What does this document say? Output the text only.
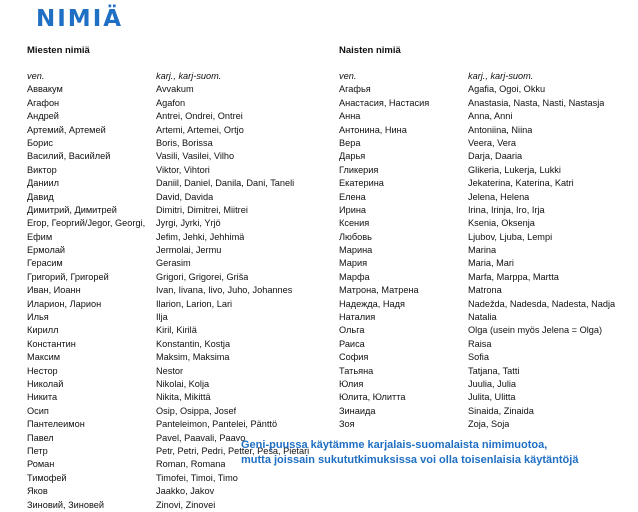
NIMIÄ
Miesten nimiä
ven.	karj., karj-suom.
Аввакум	Avvakum
Агафон	Agafon
Андрей	Antrei, Ondrei, Ontrei
Артемий, Артемей	Artemi, Artemei, Ortjo
Борис	Boris, Borissa
Василий, Васийлей	Vasili, Vasilei, Vilho
Виктор	Viktor, Vihtori
Даниил	Daniil, Daniel, Danila, Dani, Taneli
Давид	David, Davida
Димитрий, Димитрей	Dimitri, Dimitrei, Miitrei
Егор, Георгий/Jegor, Georgi,	Jyrgi, Jyrki, Yrjö
Ефим	Jefim, Jehki, Jehhimä
Ермолай	Jermolai, Jermu
Герасим	Gerasim
Григорий, Григорей	Grigori, Grigorei, Griša
Иван, Иоанн	Ivan, Iivana, Iivo, Juho, Johannes
Иларион, Ларион	Ilarion, Larion, Lari
Илья	Ilja
Кирилл	Kiril, Kirilä
Константин	Konstantin, Kostja
Максим	Maksim, Maksima
Нестор	Nestor
Николай	Nikolai, Kolja
Никита	Nikita, Mikittä
Осип	Osip, Osippa, Josef
Пантелеимон	Panteleimon, Pantelei, Pänttö
Павел	Pavel, Paavali, Paavo
Петр	Petr, Petri, Pedri, Petter, Peša, Pietari
Роман	Roman, Romana
Тимофей	Timofei, Timoi, Timo
Яков	Jaakko, Jakov
Зиновий, Зиновей	Zinovi, Zinovei
Naisten nimiä
ven.	karj., karj-suom.
Агафья	Agafia, Ogoi, Okku
Анастасия, Настасия	Anastasia, Nasta, Nasti, Nastasja
Анна	Anna, Anni
Антонина, Нина	Antoniina, Niina
Вера	Veera, Vera
Дарья	Darja, Daaria
Гликерия	Glikeria, Lukerja, Lukki
Екатерина	Jekaterina, Katerina, Katri
Елена	Jelena, Helena
Ирина	Irina, Irinja, Iro, Irja
Ксения	Ksenia, Oksenja
Любовь	Ljubov, Ljuba, Lempi
Марина	Marina
Мария	Maria, Mari
Марфа	Marfa, Marppa, Martta
Матрона, Матрена	Matrona
Надежда, Надя	Nadežda, Nadesda, Nadesta, Nadja
Наталия	Natalia
Ольга	Olga (usein myös Jelena = Olga)
Раиса	Raisa
София	Sofia
Татьяна	Tatjana, Tatti
Юлия	Juulia, Julia
Юлита, Юлитта	Julita, Ulitta
Зинаида	Sinaida, Zinaida
Зоя	Zoja, Soja
Geni-puussa käytämme karjalais-suomalaista nimimuotoa,
mutta joissain sukututkimuksissa voi olla toisenlaisia käytäntöjä
